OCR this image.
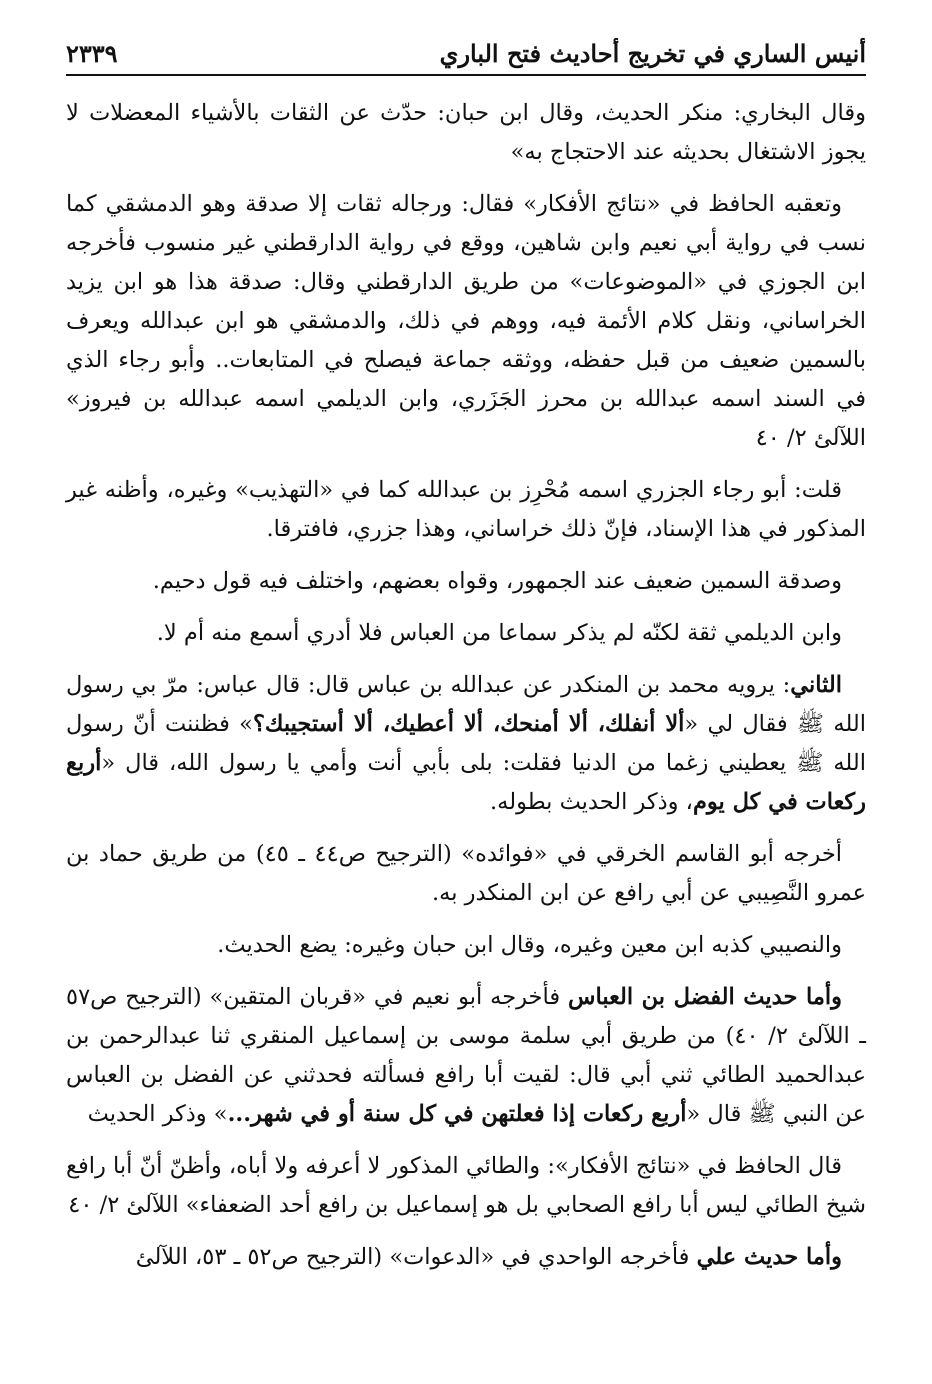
أنيس الساري في تخريج أحاديث فتح الباري
٢٣٣٩

وقال البخاري: منكر الحديث، وقال ابن حبان: حدّث عن الثقات بالأشياء المعضلات لا يجوز الاشتغال بحديثه عند الاحتجاج به»

وتعقبه الحافظ في «نتائج الأفكار» فقال: ورجاله ثقات إلا صدقة وهو الدمشقي كما نسب في رواية أبي نعيم وابن شاهين، ووقع في رواية الدارقطني غير منسوب فأخرجه ابن الجوزي في «الموضوعات» من طريق الدارقطني وقال: صدقة هذا هو ابن يزيد الخراساني، ونقل كلام الأئمة فيه، ووهم في ذلك، والدمشقي هو ابن عبدالله ويعرف بالسمين ضعيف من قبل حفظه، ووثقه جماعة فيصلح في المتابعات.. وأبو رجاء الذي في السند اسمه عبدالله بن محرز الجَزَري، وابن الديلمي اسمه عبدالله بن فيروز» اللآلئ ٢/ ٤٠

قلت: أبو رجاء الجزري اسمه مُحْرِز بن عبدالله كما في «التهذيب» وغيره، وأظنه غير المذكور في هذا الإسناد، فإنّ ذلك خراساني، وهذا جزري، فافترقا.

وصدقة السمين ضعيف عند الجمهور، وقواه بعضهم، واختلف فيه قول دحيم.

وابن الديلمي ثقة لكنّه لم يذكر سماعا من العباس فلا أدري أسمع منه أم لا.

الثاني: يرويه محمد بن المنكدر عن عبدالله بن عباس قال: قال عباس: مرّ بي رسول الله ﷺ فقال لي «ألا أنفلك، ألا أمنحك، ألا أعطيك، ألا أستجيبك؟» فظننت أنّ رسول الله ﷺ يعطيني زغما من الدنيا فقلت: بلى بأبي أنت وأمي يا رسول الله، قال «أربع ركعات في كل يوم، وذكر الحديث بطوله.

أخرجه أبو القاسم الخرقي في «فوائده» (الترجيح ص٤٤ ـ ٤٥) من طريق حماد بن عمرو النَّصِيبي عن أبي رافع عن ابن المنكدر به.

والنصيبي كذبه ابن معين وغيره، وقال ابن حبان وغيره: يضع الحديث.

وأما حديث الفضل بن العباس فأخرجه أبو نعيم في «قربان المتقين» (الترجيح ص٥٧ ـ اللآلئ ٢/ ٤٠) من طريق أبي سلمة موسى بن إسماعيل المنقري ثنا عبدالرحمن بن عبدالحميد الطائي ثني أبي قال: لقيت أبا رافع فسألته فحدثني عن الفضل بن العباس عن النبي ﷺ قال «أربع ركعات إذا فعلتهن في كل سنة أو في شهر...» وذكر الحديث

قال الحافظ في «نتائج الأفكار»: والطائي المذكور لا أعرفه ولا أباه، وأظنّ أنّ أبا رافع شيخ الطائي ليس أبا رافع الصحابي بل هو إسماعيل بن رافع أحد الضعفاء» اللآلئ ٢/ ٤٠

وأما حديث علي فأخرجه الواحدي في «الدعوات» (الترجيح ص٥٢ ـ ٥٣، اللآلئ
